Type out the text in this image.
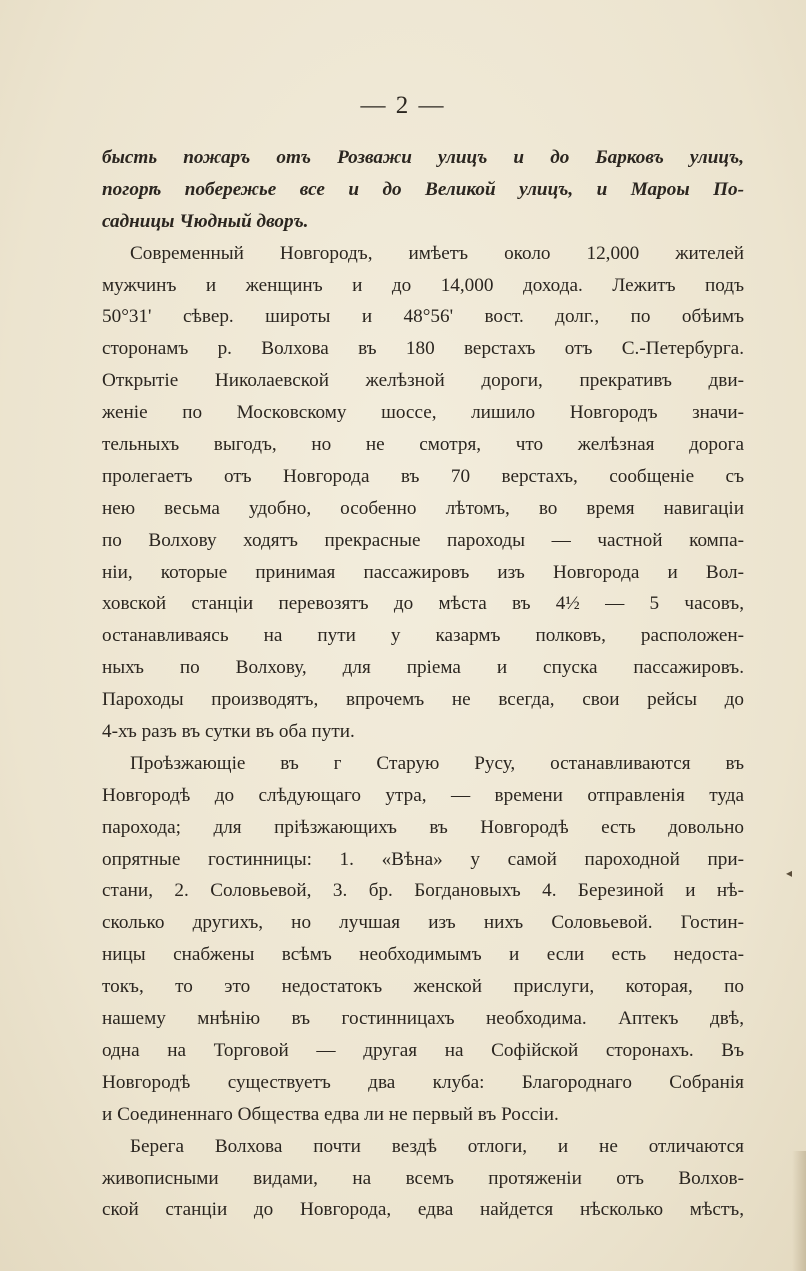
— 2 —
бысть пожаръ отъ Розважи улицъ и до Барковъ улицъ,
погорѣ побережье все и до Великой улицъ, и Мароы По-
садницы Чюдный дворъ.
Современный Новгородъ, имѣетъ около 12,000 жителей
мужчинъ и женщинъ и до 14,000 дохода. Лежитъ подъ
50°31' сѣвер. широты и 48°56' вост. долг., по обѣимъ
сторонамъ р. Волхова въ 180 верстахъ отъ С.-Петербурга.
Открытіе Николаевской желѣзной дороги, прекративъ дви-
женіе по Московскому шоссе, лишило Новгородъ значи-
тельныхъ выгодъ, но не смотря, что желѣзная дорога
пролегаетъ отъ Новгорода въ 70 верстахъ, сообщеніе съ
нею весьма удобно, особенно лѣтомъ, во время навигаціи
по Волхову ходятъ прекрасные пароходы — частной компа-
ніи, которые принимая пассажировъ изъ Новгорода и Вол-
ховской станціи перевозятъ до мѣста въ 4½ — 5 часовъ,
останавливаясь на пути у казармъ полковъ, расположен-
ныхъ по Волхову, для пріема и спуска пассажировъ.
Пароходы производятъ, впрочемъ не всегда, свои рейсы до
4-хъ разъ въ сутки въ оба пути.
Проѣзжающіе въ г Старую Русу, останавливаются въ
Новгородѣ до слѣдующаго утра, — времени отправленія туда
парохода; для пріѣзжающихъ въ Новгородѣ есть довольно
опрятные гостинницы: 1. «Вѣна» у самой пароходной при-
стани, 2. Соловьевой, 3. бр. Богдановыхъ 4. Березиной и нѣ-
сколько другихъ, но лучшая изъ нихъ Соловьевой. Гостин-
ницы снабжены всѣмъ необходимымъ и если есть недоста-
токъ, то это недостатокъ женской прислуги, которая, по
нашему мнѣнію въ гостинницахъ необходима. Аптекъ двѣ,
одна на Торговой — другая на Софійской сторонахъ. Въ
Новгородѣ существуетъ два клуба: Благороднаго Собранія
и Соединеннаго Общества едва ли не первый въ Россіи.
Берега Волхова почти вездѣ отлоги, и не отличаются
живописными видами, на всемъ протяженіи отъ Волхов-
ской станціи до Новгорода, едва найдется нѣсколько мѣстъ,
◂
